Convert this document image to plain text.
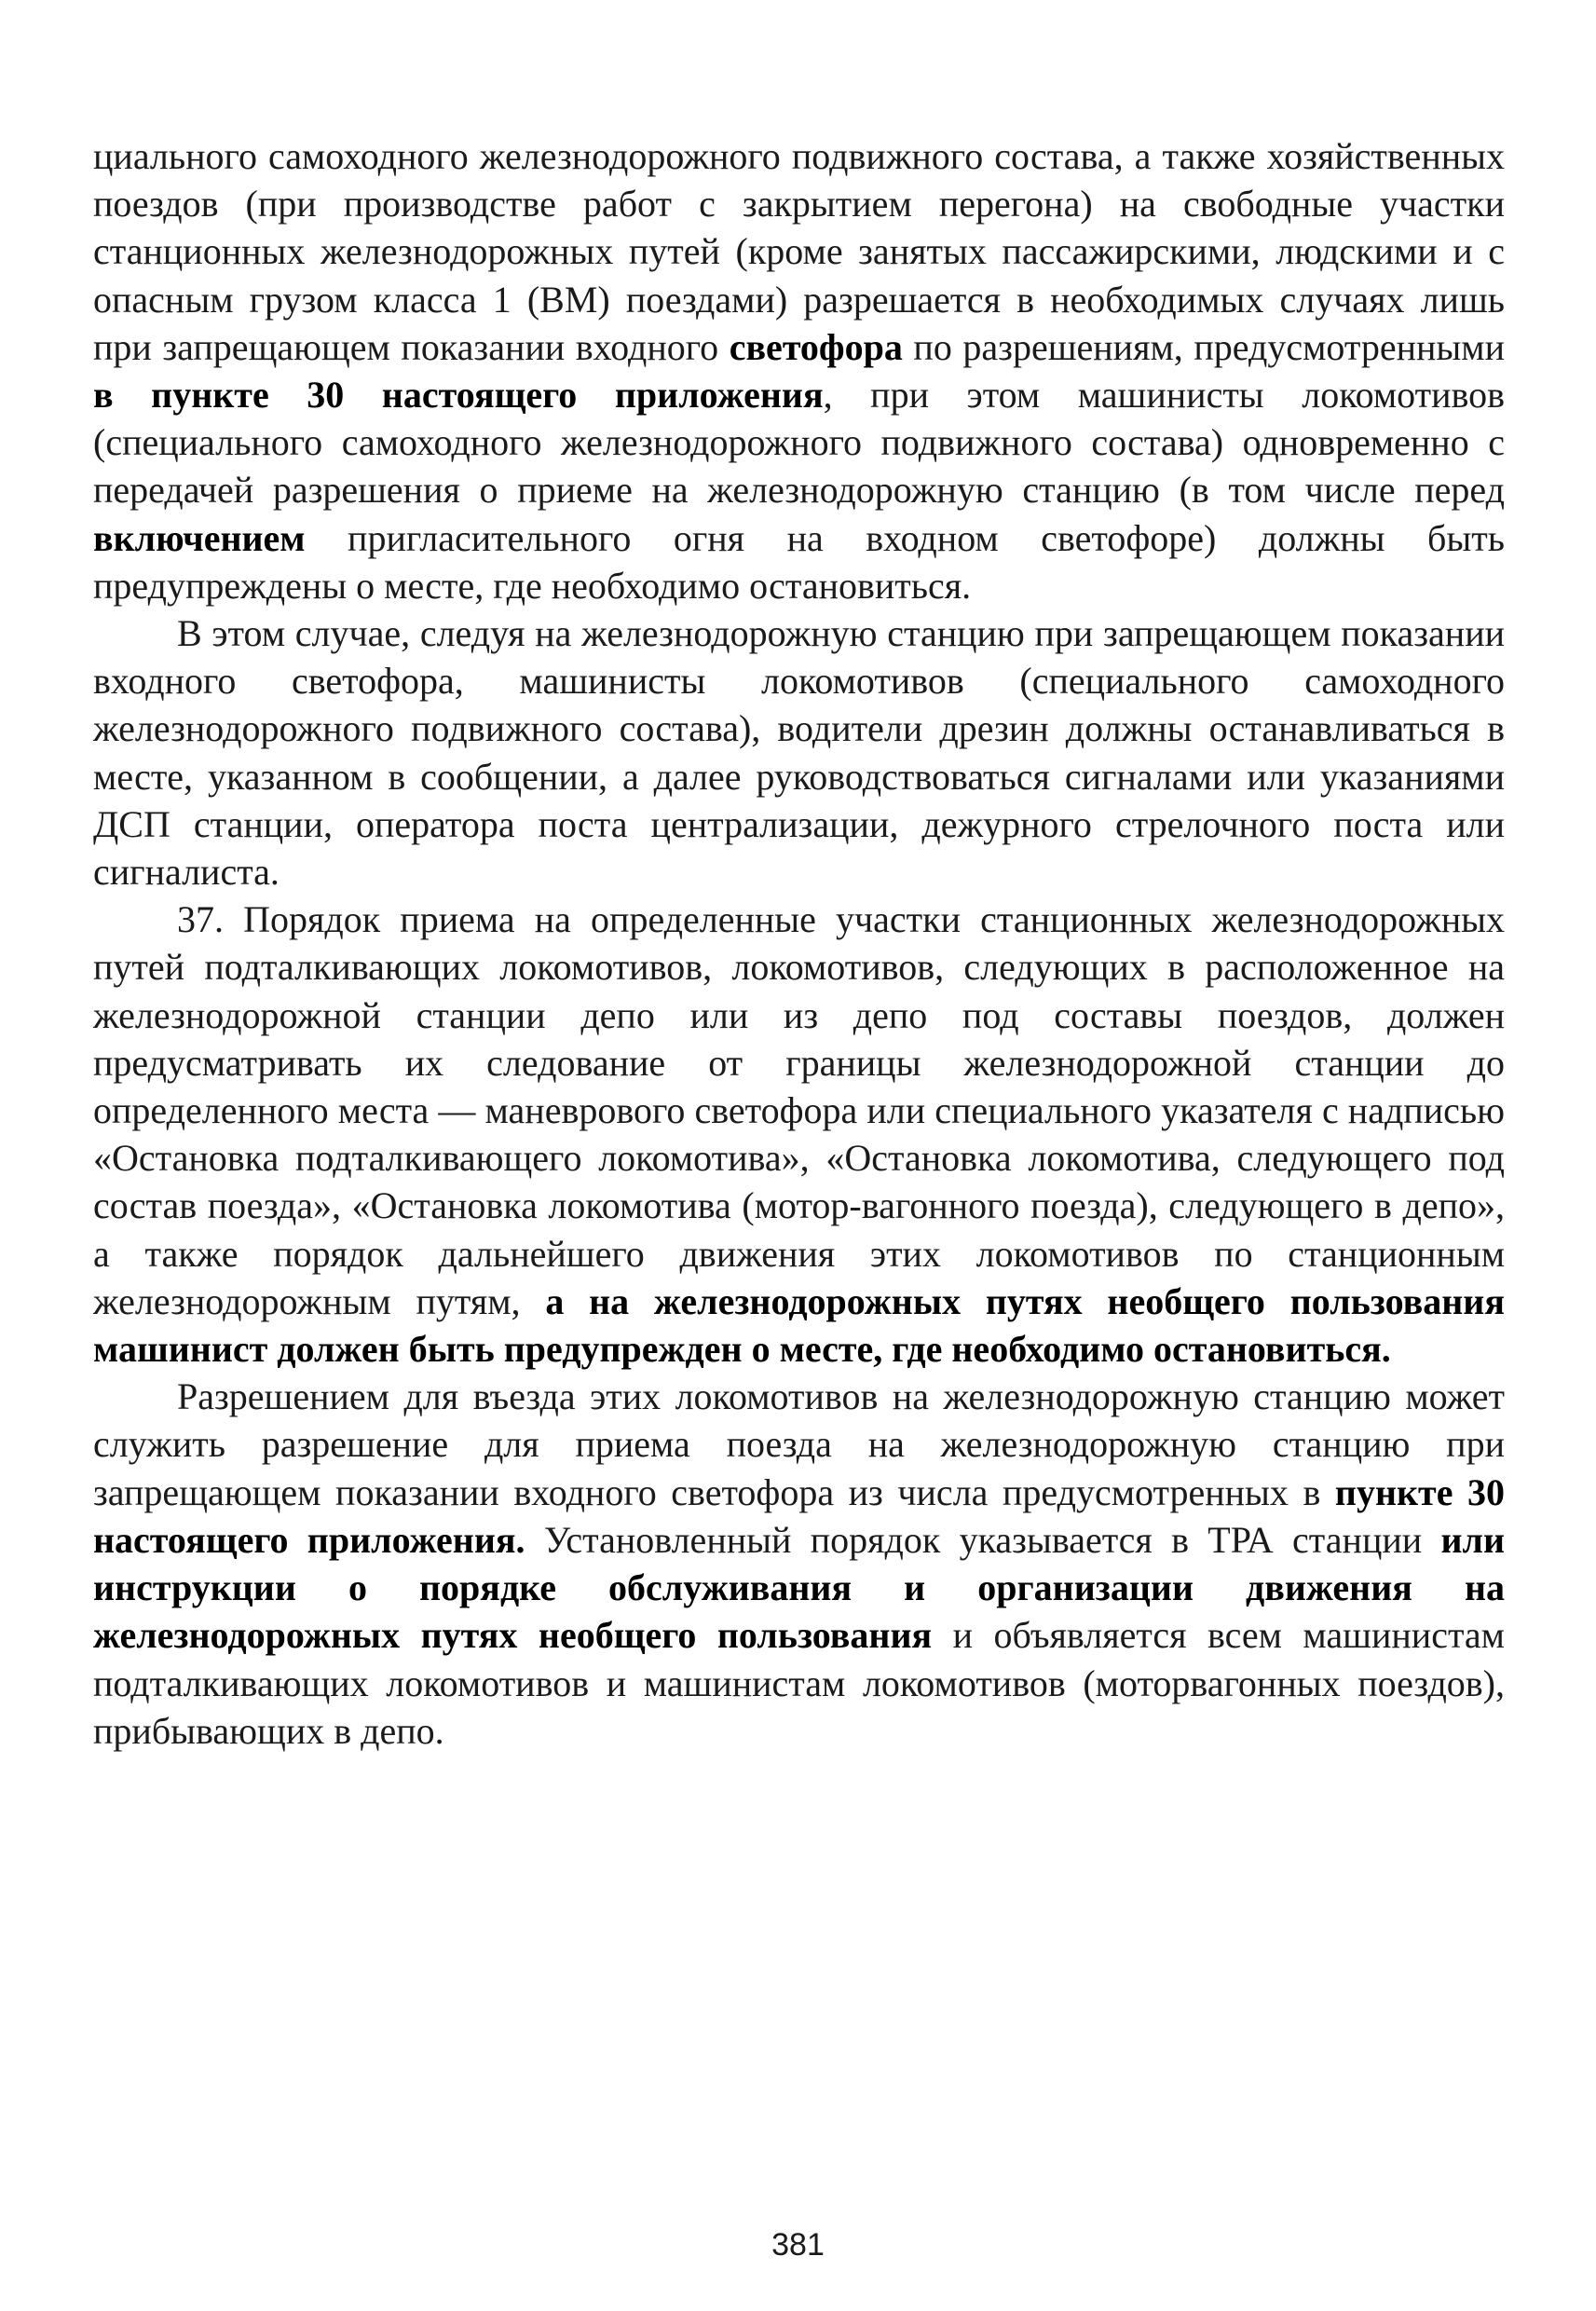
циального самоходного железнодорожного подвижного состава, а также хозяйственных поездов (при производстве работ с закрытием перегона) на свободные участки станционных железнодорожных путей (кроме занятых пассажирскими, людскими и с опасным грузом класса 1 (ВМ) поездами) разрешается в необходимых случаях лишь при запрещающем показании входного светофора по разрешениям, предусмотренными в пункте 30 настоящего приложения, при этом машинисты локомотивов (специального самоходного железнодорожного подвижного состава) одновременно с передачей разрешения о приеме на железнодорожную станцию (в том числе перед включением пригласительного огня на входном светофоре) должны быть предупреждены о месте, где необходимо остановиться.

В этом случае, следуя на железнодорожную станцию при запрещающем показании входного светофора, машинисты локомотивов (специального самоходного железнодорожного подвижного состава), водители дрезин должны останавливаться в месте, указанном в сообщении, а далее руководствоваться сигналами или указаниями ДСП станции, оператора поста централизации, дежурного стрелочного поста или сигналиста.

37. Порядок приема на определенные участки станционных железнодорожных путей подталкивающих локомотивов, локомотивов, следующих в расположенное на железнодорожной станции депо или из депо под составы поездов, должен предусматривать их следование от границы железнодорожной станции до определенного места — маневрового светофора или специального указателя с надписью «Остановка подталкивающего локомотива», «Остановка локомотива, следующего под состав поезда», «Остановка локомотива (мотор-вагонного поезда), следующего в депо», а также порядок дальнейшего движения этих локомотивов по станционным железнодорожным путям, а на железнодорожных путях необщего пользования машинист должен быть предупрежден о месте, где необходимо остановиться.

Разрешением для въезда этих локомотивов на железнодорожную станцию может служить разрешение для приема поезда на железнодорожную станцию при запрещающем показании входного светофора из числа предусмотренных в пункте 30 настоящего приложения. Установленный порядок указывается в ТРА станции или инструкции о порядке обслуживания и организации движения на железнодорожных путях необщего пользования и объявляется всем машинистам подталкивающих локомотивов и машинистам локомотивов (моторвагонных поездов), прибывающих в депо.

381
